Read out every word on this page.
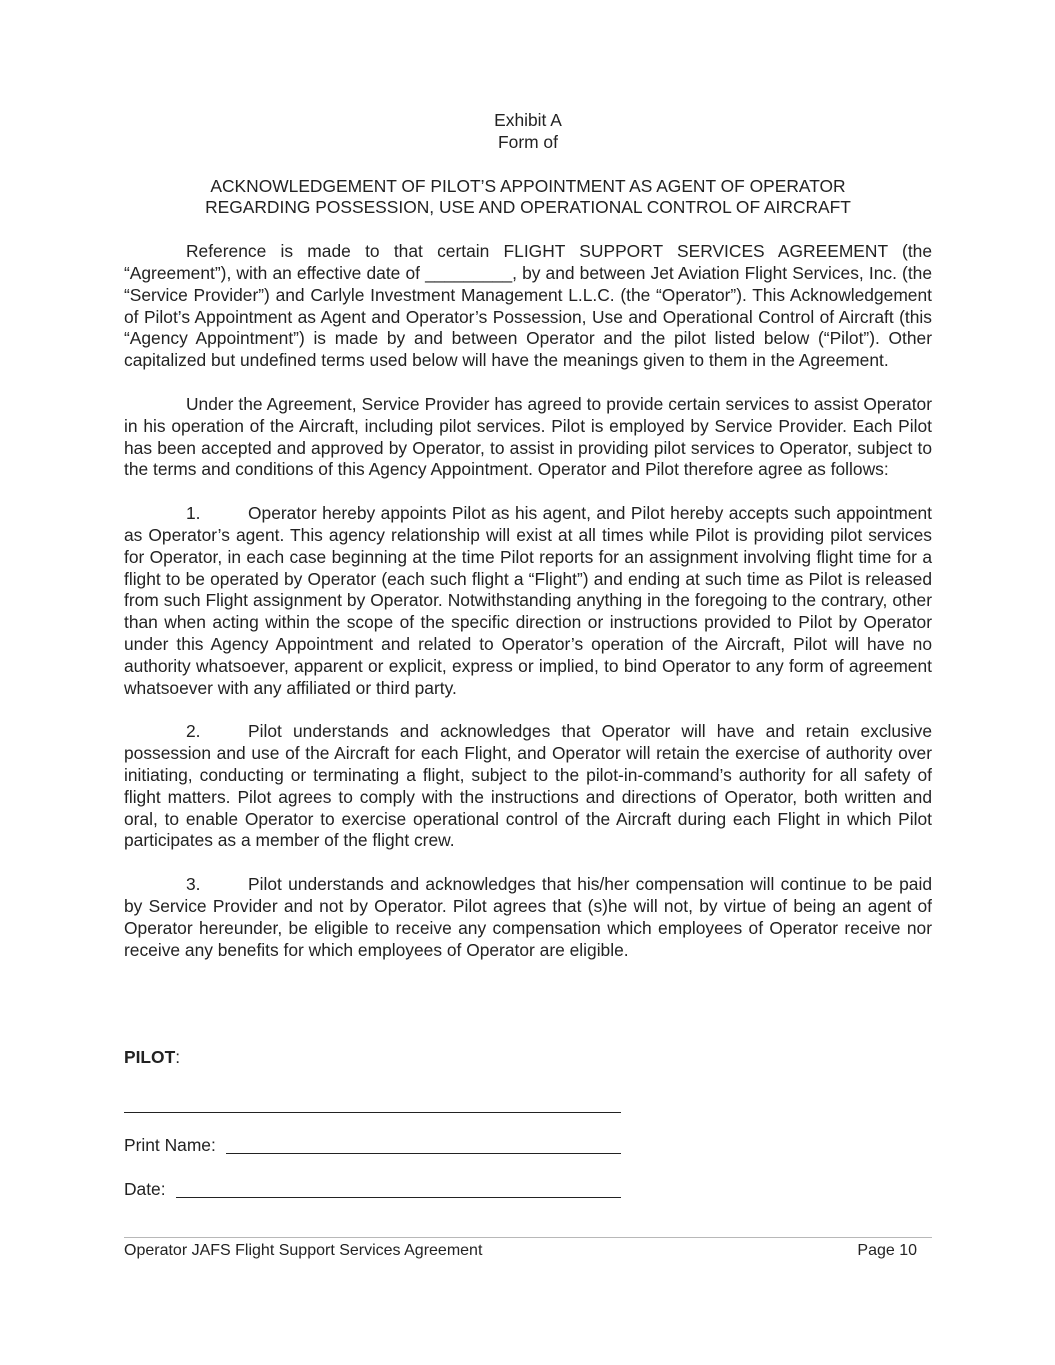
Exhibit A

Form of

ACKNOWLEDGEMENT OF PILOT’S APPOINTMENT AS AGENT OF OPERATOR

REGARDING POSSESSION, USE AND OPERATIONAL CONTROL OF AIRCRAFT

Reference is made to that certain FLIGHT SUPPORT SERVICES AGREEMENT (the “Agreement”), with an effective date of _________, by and between Jet Aviation Flight Services, Inc. (the “Service Provider”) and Carlyle Investment Management L.L.C. (the “Operator”). This Acknowledgement of Pilot’s Appointment as Agent and Operator’s Possession, Use and Operational Control of Aircraft (this “Agency Appointment”) is made by and between Operator and the pilot listed below (“Pilot”). Other capitalized but undefined terms used below will have the meanings given to them in the Agreement.

Under the Agreement, Service Provider has agreed to provide certain services to assist Operator in his operation of the Aircraft, including pilot services. Pilot is employed by Service Provider. Each Pilot has been accepted and approved by Operator, to assist in providing pilot services to Operator, subject to the terms and conditions of this Agency Appointment. Operator and Pilot therefore agree as follows:

1.	Operator hereby appoints Pilot as his agent, and Pilot hereby accepts such appointment as Operator’s agent. This agency relationship will exist at all times while Pilot is providing pilot services for Operator, in each case beginning at the time Pilot reports for an assignment involving flight time for a flight to be operated by Operator (each such flight a “Flight”) and ending at such time as Pilot is released from such Flight assignment by Operator. Notwithstanding anything in the foregoing to the contrary, other than when acting within the scope of the specific direction or instructions provided to Pilot by Operator under this Agency Appointment and related to Operator’s operation of the Aircraft, Pilot will have no authority whatsoever, apparent or explicit, express or implied, to bind Operator to any form of agreement whatsoever with any affiliated or third party.

2.	Pilot understands and acknowledges that Operator will have and retain exclusive possession and use of the Aircraft for each Flight, and Operator will retain the exercise of authority over initiating, conducting or terminating a flight, subject to the pilot-in-command’s authority for all safety of flight matters. Pilot agrees to comply with the instructions and directions of Operator, both written and oral, to enable Operator to exercise operational control of the Aircraft during each Flight in which Pilot participates as a member of the flight crew.

3.	Pilot understands and acknowledges that his/her compensation will continue to be paid by Service Provider and not by Operator. Pilot agrees that (s)he will not, by virtue of being an agent of Operator hereunder, be eligible to receive any compensation which employees of Operator receive nor receive any benefits for which employees of Operator are eligible.

PILOT:
Print Name:
Date:
Operator JAFS Flight Support Services Agreement	Page 10
